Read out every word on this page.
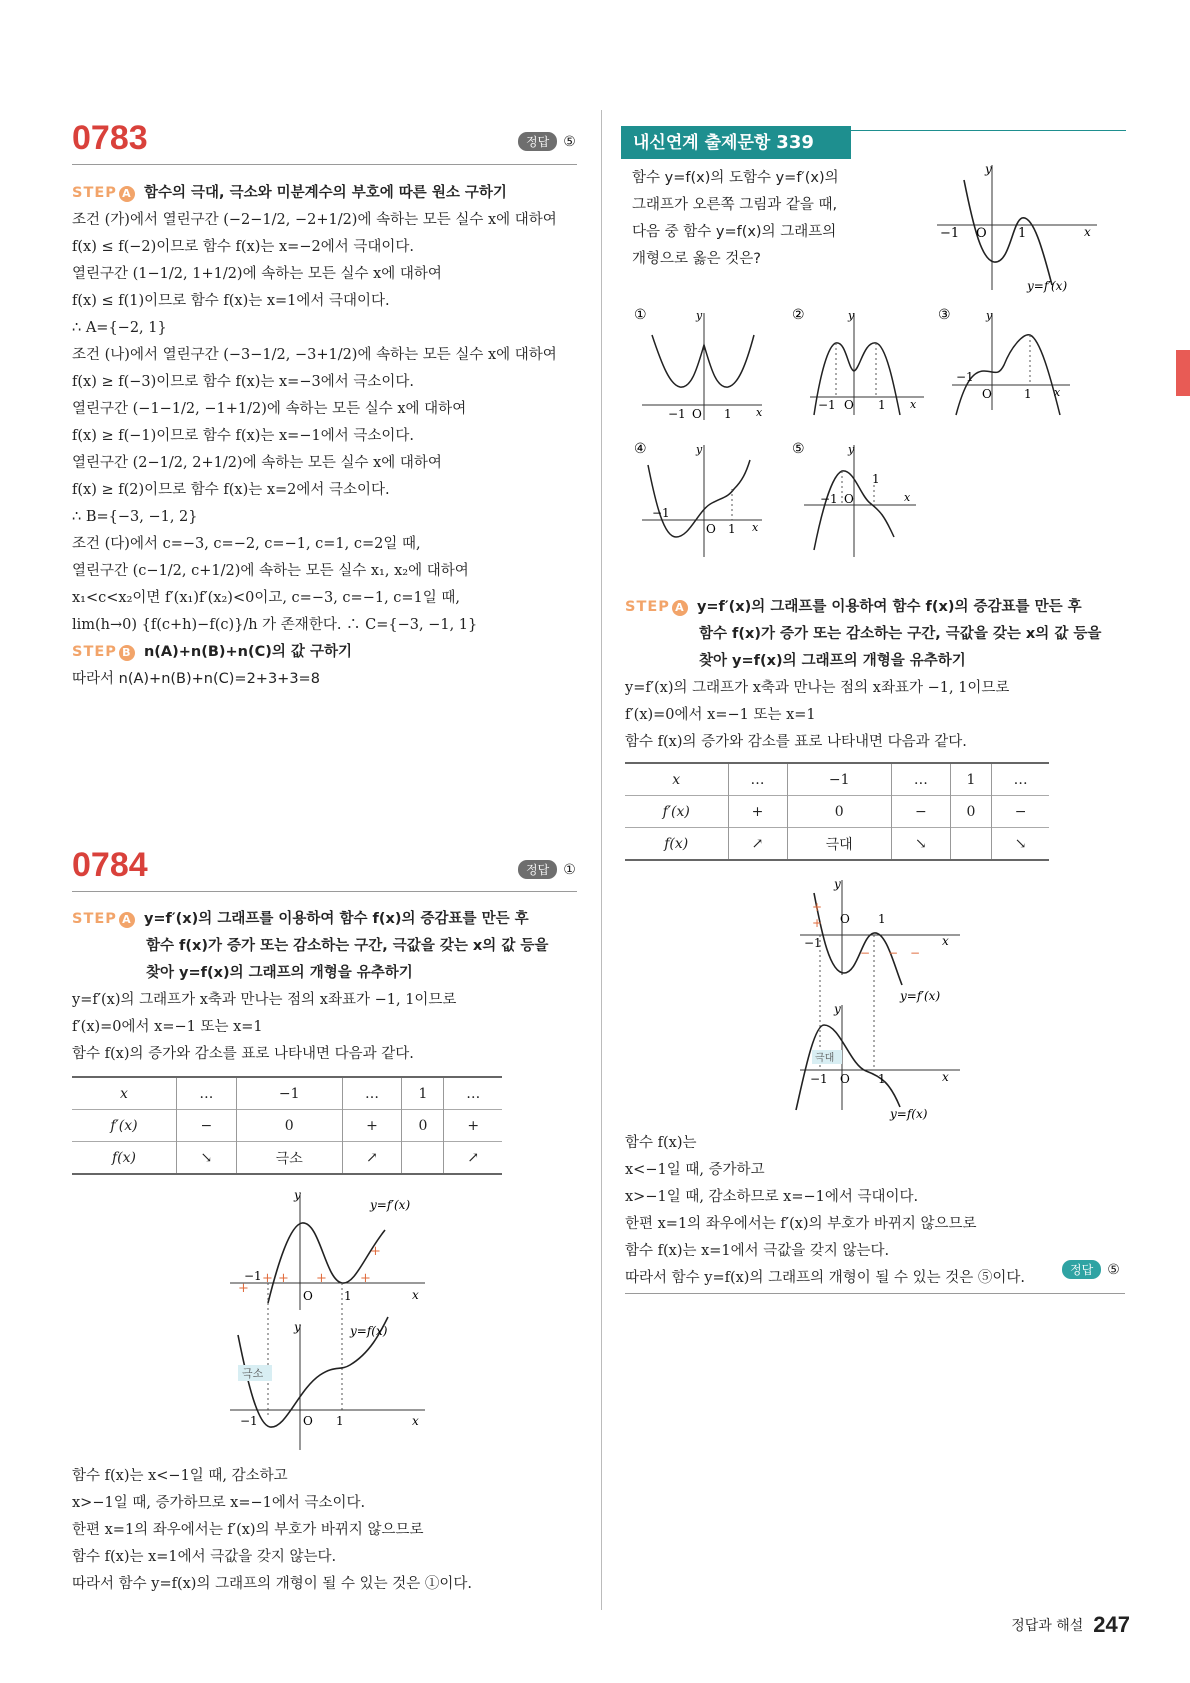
0783	정답	⑤
STEP A 함수의 극대, 극소와 미분계수의 부호에 따른 원소 구하기
조건 (가)에서 열린구간 (−2−1/2, −2+1/2)에 속하는 모든 실수 x에 대하여
f(x) ≤ f(−2)이므로 함수 f(x)는 x=−2에서 극대이다.
열린구간 (1−1/2, 1+1/2)에 속하는 모든 실수 x에 대하여
f(x) ≤ f(1)이므로 함수 f(x)는 x=1에서 극대이다.
∴ A={−2, 1}
조건 (나)에서 열린구간 (−3−1/2, −3+1/2)에 속하는 모든 실수 x에 대하여
f(x) ≥ f(−3)이므로 함수 f(x)는 x=−3에서 극소이다.
열린구간 (−1−1/2, −1+1/2)에 속하는 모든 실수 x에 대하여
f(x) ≥ f(−1)이므로 함수 f(x)는 x=−1에서 극소이다.
열린구간 (2−1/2, 2+1/2)에 속하는 모든 실수 x에 대하여
f(x) ≥ f(2)이므로 함수 f(x)는 x=2에서 극소이다.
∴ B={−3, −1, 2}
조건 (다)에서 c=−3, c=−2, c=−1, c=1, c=2일 때,
열린구간 (c−1/2, c+1/2)에 속하는 모든 실수 x₁, x₂에 대하여
x₁<c<x₂이면 f′(x₁)f′(x₂)<0이고, c=−3, c=−1, c=1일 때,
lim(h→0) {f(c+h)−f(c)}/h 가 존재한다. ∴ C={−3, −1, 1}
STEP B n(A)+n(B)+n(C)의 값 구하기
따라서 n(A)+n(B)+n(C)=2+3+3=8
0784	정답	①
STEP A y=f′(x)의 그래프를 이용하여 함수 f(x)의 증감표를 만든 후
함수 f(x)가 증가 또는 감소하는 구간, 극값을 갖는 x의 값 등을
찾아 y=f(x)의 그래프의 개형을 유추하기
y=f′(x)의 그래프가 x축과 만나는 점의 x좌표가 −1, 1이므로
f′(x)=0에서 x=−1 또는 x=1
함수 f(x)의 증가와 감소를 표로 나타내면 다음과 같다.
x	…	−1	…	1	…
f′(x)	−	0	+	0	+
f(x)	↘	극소	↗		↗
y
x
−1
O	1
y=f′(x)
+ + +	+
+
+
y
x
−1	O 1
y=f(x)
극소
함수 f(x)는 x<−1일 때, 감소하고
x>−1일 때, 증가하므로 x=−1에서 극소이다.
한편 x=1의 좌우에서는 f′(x)의 부호가 바뀌지 않으므로
함수 f(x)는 x=1에서 극값을 갖지 않는다.
따라서 함수 y=f(x)의 그래프의 개형이 될 수 있는 것은 ①이다.
내신연계 출제문항 339
함수 y=f(x)의 도함수 y=f′(x)의
그래프가 오른쪽 그림과 같을 때,
다음 중 함수 y=f(x)의 그래프의
개형으로 옳은 것은?
y
x
−1 O 1
y=f′(x)
①	y
x
−1 O 1
②	y
x
−1 O 1
③	y
x
−1
O	1
④	y
x
−1
O 1
⑤	y
x
−1 O
1
STEP A y=f′(x)의 그래프를 이용하여 함수 f(x)의 증감표를 만든 후
함수 f(x)가 증가 또는 감소하는 구간, 극값을 갖는 x의 값 등을
찾아 y=f(x)의 그래프의 개형을 유추하기
y=f′(x)의 그래프가 x축과 만나는 점의 x좌표가 −1, 1이므로
f′(x)=0에서 x=−1 또는 x=1
함수 f(x)의 증가와 감소를 표로 나타내면 다음과 같다.
x	…	−1	…	1	…
f′(x)	+	0	−	0	−
f(x)	↗	극대	↘		↘
y
x
−1
O 1
y=f′(x)
+
+
− − −
y
x
−1 O 1
y=f(x)
극대
함수 f(x)는
x<−1일 때, 증가하고
x>−1일 때, 감소하므로 x=−1에서 극대이다.
한편 x=1의 좌우에서는 f′(x)의 부호가 바뀌지 않으므로
함수 f(x)는 x=1에서 극값을 갖지 않는다.
따라서 함수 y=f(x)의 그래프의 개형이 될 수 있는 것은 ⑤이다.	정답	⑤
정답과 해설 247
